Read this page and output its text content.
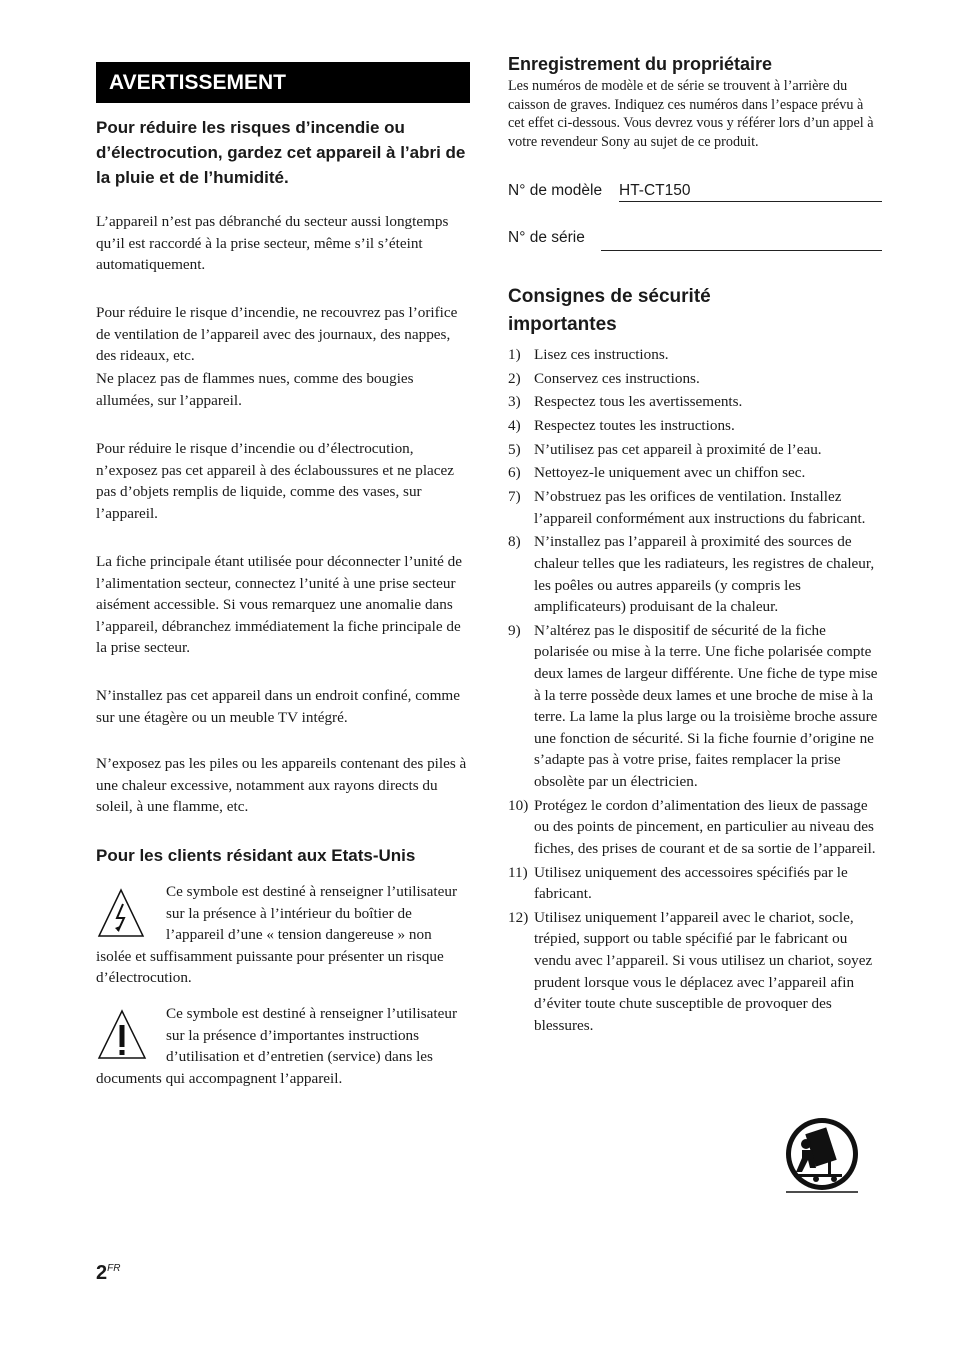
AVERTISSEMENT
Pour réduire les risques d’incendie ou d’électrocution, gardez cet appareil à l’abri de la pluie et de l’humidité.

L’appareil n’est pas débranché du secteur aussi longtemps qu’il est raccordé à la prise secteur, même s’il s’éteint automatiquement.

Pour réduire le risque d’incendie, ne recouvrez pas l’orifice de ventilation de l’appareil avec des journaux, des nappes, des rideaux, etc.

Ne placez pas de flammes nues, comme des bougies allumées, sur l’appareil.

Pour réduire le risque d’incendie ou d’électrocution, n’exposez pas cet appareil à des éclaboussures et ne placez pas d’objets remplis de liquide, comme des vases, sur l’appareil.

La fiche principale étant utilisée pour déconnecter l’unité de l’alimentation secteur, connectez l’unité à une prise secteur aisément accessible. Si vous remarquez une anomalie dans l’appareil, débranchez immédiatement la fiche principale de la prise secteur.

N’installez pas cet appareil dans un endroit confiné, comme sur une étagère ou un meuble TV intégré.

N’exposez pas les piles ou les appareils contenant des piles à une chaleur excessive, notamment aux rayons directs du soleil, à une flamme, etc.

Pour les clients résidant aux Etats-Unis

Ce symbole est destiné à renseigner l’utilisateur sur la présence à l’intérieur du boîtier de l’appareil d’une « tension dangereuse » non isolée et suffisamment puissante pour présenter un risque d’électrocution.

Ce symbole est destiné à renseigner l’utilisateur sur la présence d’importantes instructions d’utilisation et d’entretien (service) dans les documents qui accompagnent l’appareil.

Enregistrement du propriétaire

Les numéros de modèle et de série se trouvent à l’arrière du caisson de graves. Indiquez ces numéros dans l’espace prévu à cet effet ci-dessous. Vous devrez vous y référer lors d’un appel à votre revendeur Sony au sujet de ce produit.

N° de modèle HT-CT150
N° de série
Consignes de sécurité importantes
1) Lisez ces instructions.
2) Conservez ces instructions.
3) Respectez tous les avertissements.
4) Respectez toutes les instructions.
5) N’utilisez pas cet appareil à proximité de l’eau.
6) Nettoyez-le uniquement avec un chiffon sec.
7) N’obstruez pas les orifices de ventilation. Installez l’appareil conformément aux instructions du fabricant.
8) N’installez pas l’appareil à proximité des sources de chaleur telles que les radiateurs, les registres de chaleur, les poêles ou autres appareils (y compris les amplificateurs) produisant de la chaleur.
9) N’altérez pas le dispositif de sécurité de la fiche polarisée ou mise à la terre. Une fiche polarisée compte deux lames de largeur différente. Une fiche de type mise à la terre possède deux lames et une broche de mise à la terre. La lame la plus large ou la troisième broche assure une fonction de sécurité. Si la fiche fournie d’origine ne s’adapte pas à votre prise, faites remplacer la prise obsolète par un électricien.
10) Protégez le cordon d’alimentation des lieux de passage ou des points de pincement, en particulier au niveau des fiches, des prises de courant et de sa sortie de l’appareil.
11) Utilisez uniquement des accessoires spécifiés par le fabricant.
12) Utilisez uniquement l’appareil avec le chariot, socle, trépied, support ou table spécifié par le fabricant ou vendu avec l’appareil. Si vous utilisez un chariot, soyez prudent lorsque vous le déplacez avec l’appareil afin d’éviter toute chute susceptible de provoquer des blessures.
$2^{FR}$
